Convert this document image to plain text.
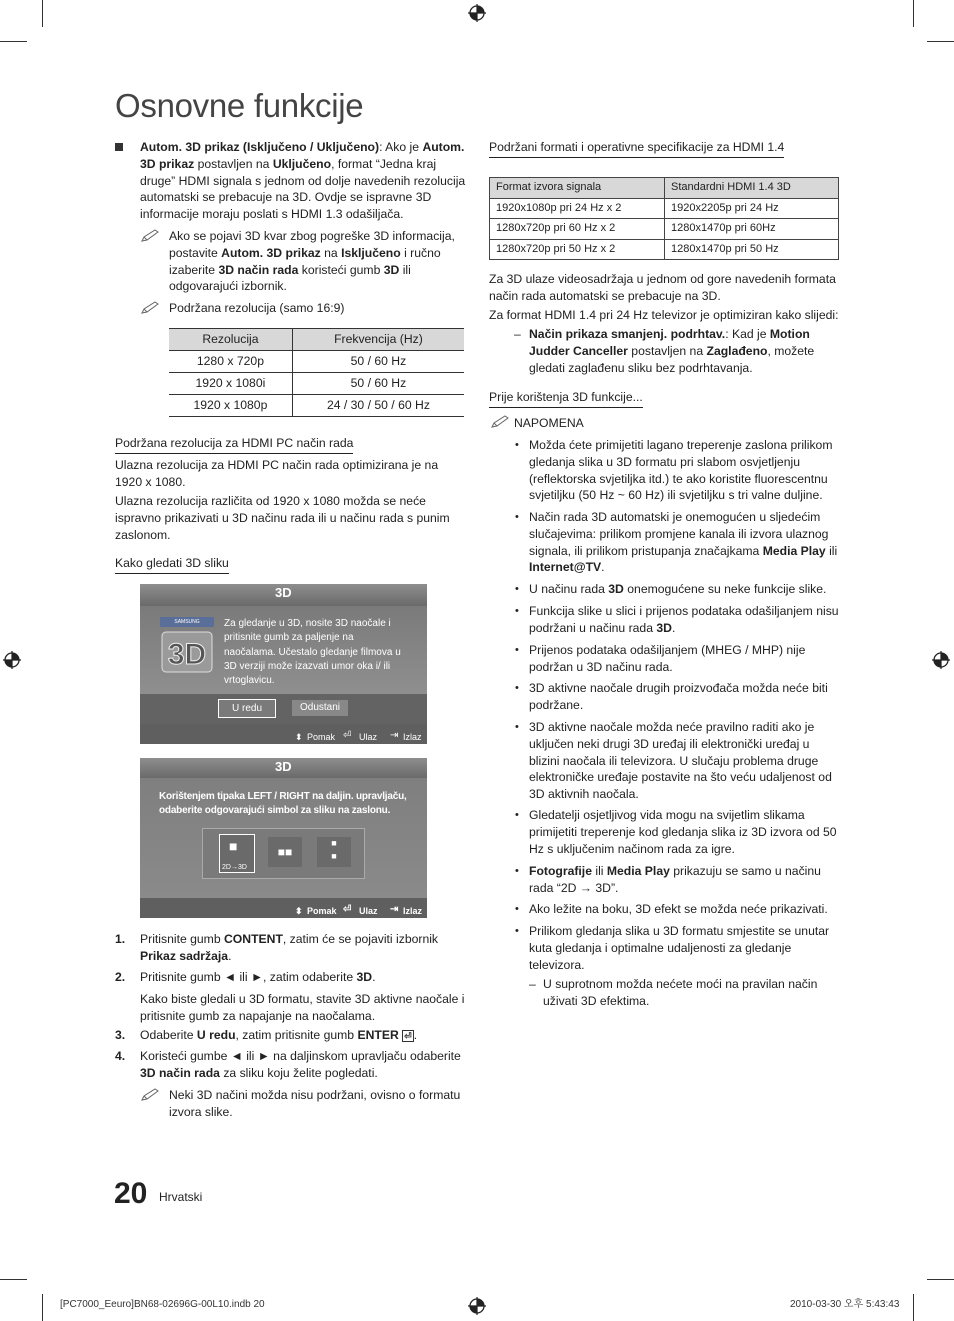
Osnovne funkcije

Autom. 3D prikaz (Isključeno / Uključeno): Ako je Autom. 3D prikaz postavljen na Uključeno, format “Jedna kraj druge” HDMI signala s jednom od dolje navedenih rezolucija automatski se prebacuje na 3D. Ovdje se ispravne 3D informacije moraju poslati s HDMI 1.3 odašiljača.

Ako se pojavi 3D kvar zbog pogreške 3D informacija, postavite Autom. 3D prikaz na Isključeno i ručno izaberite 3D način rada koristeći gumb 3D ili odgovarajući izbornik.

Podržana rezolucija (samo 16:9)

Rezolucija	Frekvencija (Hz)
1280 x 720p	50 / 60 Hz
1920 x 1080i	50 / 60 Hz
1920 x 1080p	24 / 30 / 50 / 60 Hz
Podržana rezolucija za HDMI PC način rada

Ulazna rezolucija za HDMI PC način rada optimizirana je na 1920 x 1080.

Ulazna rezolucija različita od 1920 x 1080 možda se neće ispravno prikazivati u 3D načinu rada ili u načinu rada s punim zaslonom.

Kako gledati 3D sliku
3D
SAMSUNG
3D

Za gledanje u 3D, nosite 3D naočale i pritisnite gumb za paljenje na naočalama. Učestalo gledanje filmova u 3D verziji može izazvati umor oka i/ ili vrtoglavicu.

U redu	Odustani
⬍ Pomak ⏎ Ulaz ⇥ Izlaz
3D

Korištenjem tipaka LEFT / RIGHT na daljin. upravljaču, odaberite odgovarajući simbol za sliku na zaslonu.

■
2D→3D
■■
■
■
⬍ Pomak ⏎ Ulaz ⇥ Izlaz
1. Pritisnite gumb CONTENT, zatim će se pojaviti izbornik Prikaz sadržaja.

2. Pritisnite gumb ◄ ili ►, zatim odaberite 3D.

Kako biste gledali u 3D formatu, stavite 3D aktivne naočale i pritisnite gumb za napajanje na naočalama.

3. Odaberite U redu, zatim pritisnite gumb ENTER ⏎ .

4. Koristeći gumbe ◄ ili ► na daljinskom upravljaču odaberite 3D način rada za sliku koju želite pogledati.

Neki 3D načini možda nisu podržani, ovisno o formatu izvora slike.

Podržani formati i operativne specifikacije za HDMI 1.4
Format izvora signala	Standardni HDMI 1.4 3D
1920x1080p pri 24 Hz x 2	1920x2205p pri 24 Hz
1280x720p pri 60 Hz x 2	1280x1470p pri 60Hz
1280x720p pri 50 Hz x 2	1280x1470p pri 50 Hz

Za 3D ulaze videosadržaja u jednom od gore navedenih formata način rada automatski se prebacuje na 3D.

Za format HDMI 1.4 pri 24 Hz televizor je optimiziran kako slijedi:

– Način prikaza smanjenj. podrhtav.: Kad je Motion Judder Canceller postavljen na Zaglađeno, možete gledati zaglađenu sliku bez podrhtavanja.

Prije korištenja 3D funkcije...
NAPOMENA
• Možda ćete primijetiti lagano treperenje zaslona prilikom gledanja slika u 3D formatu pri slabom osvjetljenju (reflektorska svjetiljka itd.) te ako koristite fluorescentnu svjetiljku (50 Hz ~ 60 Hz) ili svjetiljku s tri valne duljine.

• Način rada 3D automatski je onemogućen u sljedećim slučajevima: prilikom promjene kanala ili izvora ulaznog signala, ili prilikom pristupanja značajkama Media Play ili Internet@TV.

• U načinu rada 3D onemogućene su neke funkcije slike.

• Funkcija slike u slici i prijenos podataka odašiljanjem nisu podržani u načinu rada 3D.

• Prijenos podataka odašiljanjem (MHEG / MHP) nije podržan u 3D načinu rada.

• 3D aktivne naočale drugih proizvođača možda neće biti podržane.

• 3D aktivne naočale možda neće pravilno raditi ako je uključen neki drugi 3D uređaj ili elektronički uređaj u blizini naočala ili televizora. U slučaju problema druge elektroničke uređaje postavite na što veću udaljenost od 3D aktivnih naočala.

• Gledatelji osjetljivog vida mogu na svijetlim slikama primijetiti treperenje kod gledanja slika iz 3D izvora od 50 Hz s uključenim načinom rada za igre.

• Fotografije ili Media Play prikazuju se samo u načinu rada “2D → 3D”.

• Ako ležite na boku, 3D efekt se možda neće prikazivati.

• Prilikom gledanja slika u 3D formatu smjestite se unutar kuta gledanja i optimalne udaljenosti za gledanje televizora.

– U suprotnom možda nećete moći na pravilan način uživati 3D efektima.

20 Hrvatski
[PC7000_Eeuro]BN68-02696G-00L10.indb 20	2010-03-30 오후 5:43:43
